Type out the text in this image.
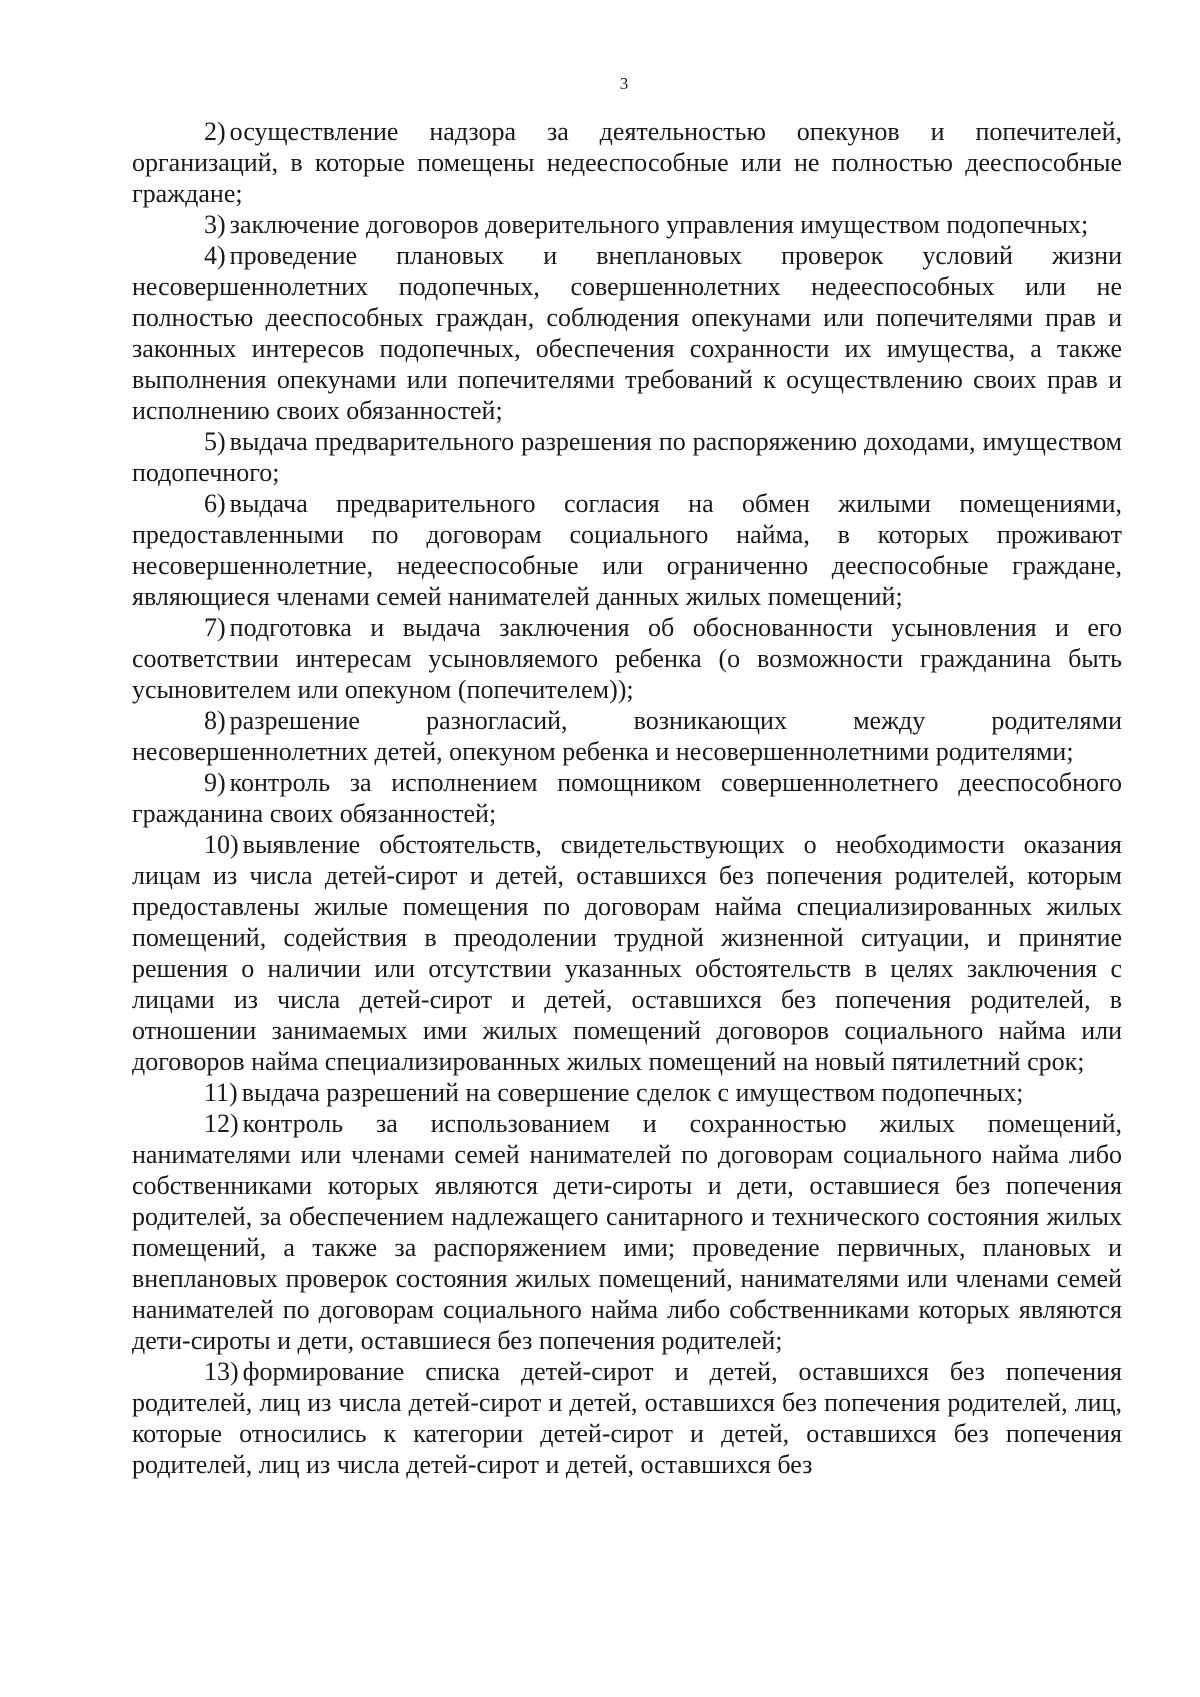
3

2) осуществление надзора за деятельностью опекунов и попечителей, организаций, в которые помещены недееспособные или не полностью дееспособные граждане;

3) заключение договоров доверительного управления имуществом подопечных;

4) проведение плановых и внеплановых проверок условий жизни несовершеннолетних подопечных, совершеннолетних недееспособных или не полностью дееспособных граждан, соблюдения опекунами или попечителями прав и законных интересов подопечных, обеспечения сохранности их имущества, а также выполнения опекунами или попечителями требований к осуществлению своих прав и исполнению своих обязанностей;

5) выдача предварительного разрешения по распоряжению доходами, имуществом подопечного;

6) выдача предварительного согласия на обмен жилыми помещениями, предоставленными по договорам социального найма, в которых проживают несовершеннолетние, недееспособные или ограниченно дееспособные граждане, являющиеся членами семей нанимателей данных жилых помещений;

7) подготовка и выдача заключения об обоснованности усыновления и его соответствии интересам усыновляемого ребенка (о возможности гражданина быть усыновителем или опекуном (попечителем));

8) разрешение разногласий, возникающих между родителями несовершеннолетних детей, опекуном ребенка и несовершеннолетними родителями;

9) контроль за исполнением помощником совершеннолетнего дееспособного гражданина своих обязанностей;

10) выявление обстоятельств, свидетельствующих о необходимости оказания лицам из числа детей-сирот и детей, оставшихся без попечения родителей, которым предоставлены жилые помещения по договорам найма специализированных жилых помещений, содействия в преодолении трудной жизненной ситуации, и принятие решения о наличии или отсутствии указанных обстоятельств в целях заключения с лицами из числа детей-сирот и детей, оставшихся без попечения родителей, в отношении занимаемых ими жилых помещений договоров социального найма или договоров найма специализированных жилых помещений на новый пятилетний срок;

11) выдача разрешений на совершение сделок с имуществом подопечных;

12) контроль за использованием и сохранностью жилых помещений, нанимателями или членами семей нанимателей по договорам социального найма либо собственниками которых являются дети-сироты и дети, оставшиеся без попечения родителей, за обеспечением надлежащего санитарного и технического состояния жилых помещений, а также за распоряжением ими; проведение первичных, плановых и внеплановых проверок состояния жилых помещений, нанимателями или членами семей нанимателей по договорам социального найма либо собственниками которых являются дети-сироты и дети, оставшиеся без попечения родителей;

13) формирование списка детей-сирот и детей, оставшихся без попечения родителей, лиц из числа детей-сирот и детей, оставшихся без попечения родителей, лиц, которые относились к категории детей-сирот и детей, оставшихся без попечения родителей, лиц из числа детей-сирот и детей, оставшихся без
